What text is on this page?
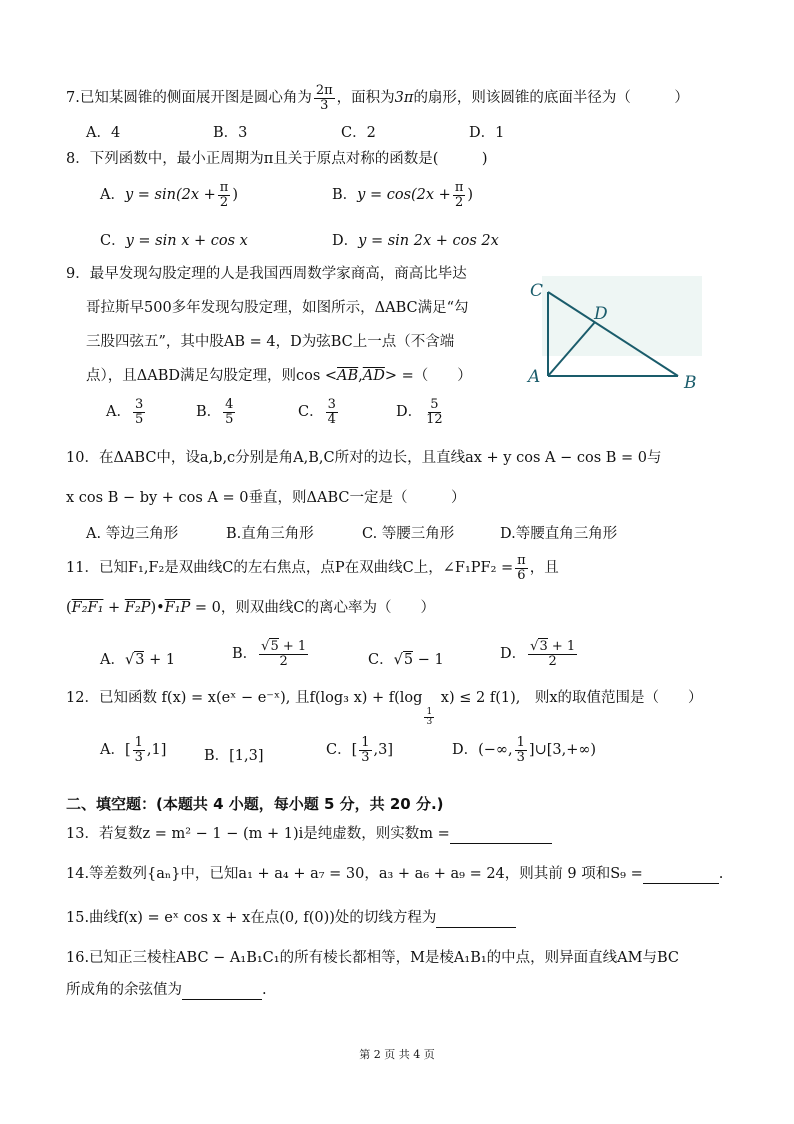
7.已知某圆锥的侧面展开图是圆心角为 $\frac{2\pi}{3}$ ，面积为3π的扇形，则该圆锥的底面半径为（　　　）
A．4	B．3	C．2	D．1
8．下列函数中，最小正周期为π且关于原点对称的函数是(　　　)
A．$y = \sin(2x + \frac{\pi}{2}$ )	B．$y = \cos(2x + \frac{\pi}{2}$ )
C．y = sin x + cos x	D．y = sin 2x + cos 2x
9．最早发现勾股定理的人是我国西周数学家商高，商高比毕达
哥拉斯早500多年发现勾股定理，如图所示，ΔABC满足“勾
三股四弦五”，其中股AB = 4，D为弦BC上一点（不含端
点），且ΔABD满足勾股定理，则$\cos <\overline{AB},\overline{AD}>$ =（　　）
A． $\frac{3}{5}$	B． $\frac{4}{5}$	C． $\frac{3}{4}$	D． $\frac{5}{12}$
C
D
A	B
10．在ΔABC中，设a,b,c分别是角A,B,C所对的边长，且直线ax + y cos A − cos B = 0与
x cos B − by + cos A = 0垂直，则ΔABC一定是（　　　）
A. 等边三角形	B.直角三角形	C. 等腰三角形	D.等腰直角三角形
11．已知F₁,F₂是双曲线C的左右焦点，点P在双曲线C上，∠F₁PF₂ = $\frac{\pi}{6}$ ，且
(F₂F₁ + F₂P)•F₁P = 0，则双曲线C的离心率为（　　）
A．√3 + 1	B． $\frac{√5 + 1}{2}$	C．√5 − 1	D． $\frac{√3 + 1}{2}$
12．已知函数 f(x) = x(eˣ − e⁻ˣ), 且f(log₃ x) + f(log
$\frac{1}{3}$
x) ≤ 2 f(1),　则x的取值范围是（　　）
A．[ $\frac{1}{3} ,1$]	B．[1,3]	C．[ $\frac{1}{3} ,3$]	D．(−∞, $\frac{1}{3}$ ]∪[3,+∞)
二、填空题：(本题共 4 小题，每小题 5 分，共 20 分.)
13．若复数z = m² − 1 − (m + 1)i是纯虚数，则实数m =
14.等差数列{aₙ}中，已知a₁ + a₄ + a₇ = 30，a₃ + a₆ + a₉ = 24，则其前 9 项和S₉ =	.
15.曲线f(x) = eˣ cos x + x在点(0, f(0))处的切线方程为
16.已知正三棱柱ABC − A₁B₁C₁的所有棱长都相等，M是棱A₁B₁的中点，则异面直线AM与BC
所成角的余弦值为	.
第 2 页 共 4 页
